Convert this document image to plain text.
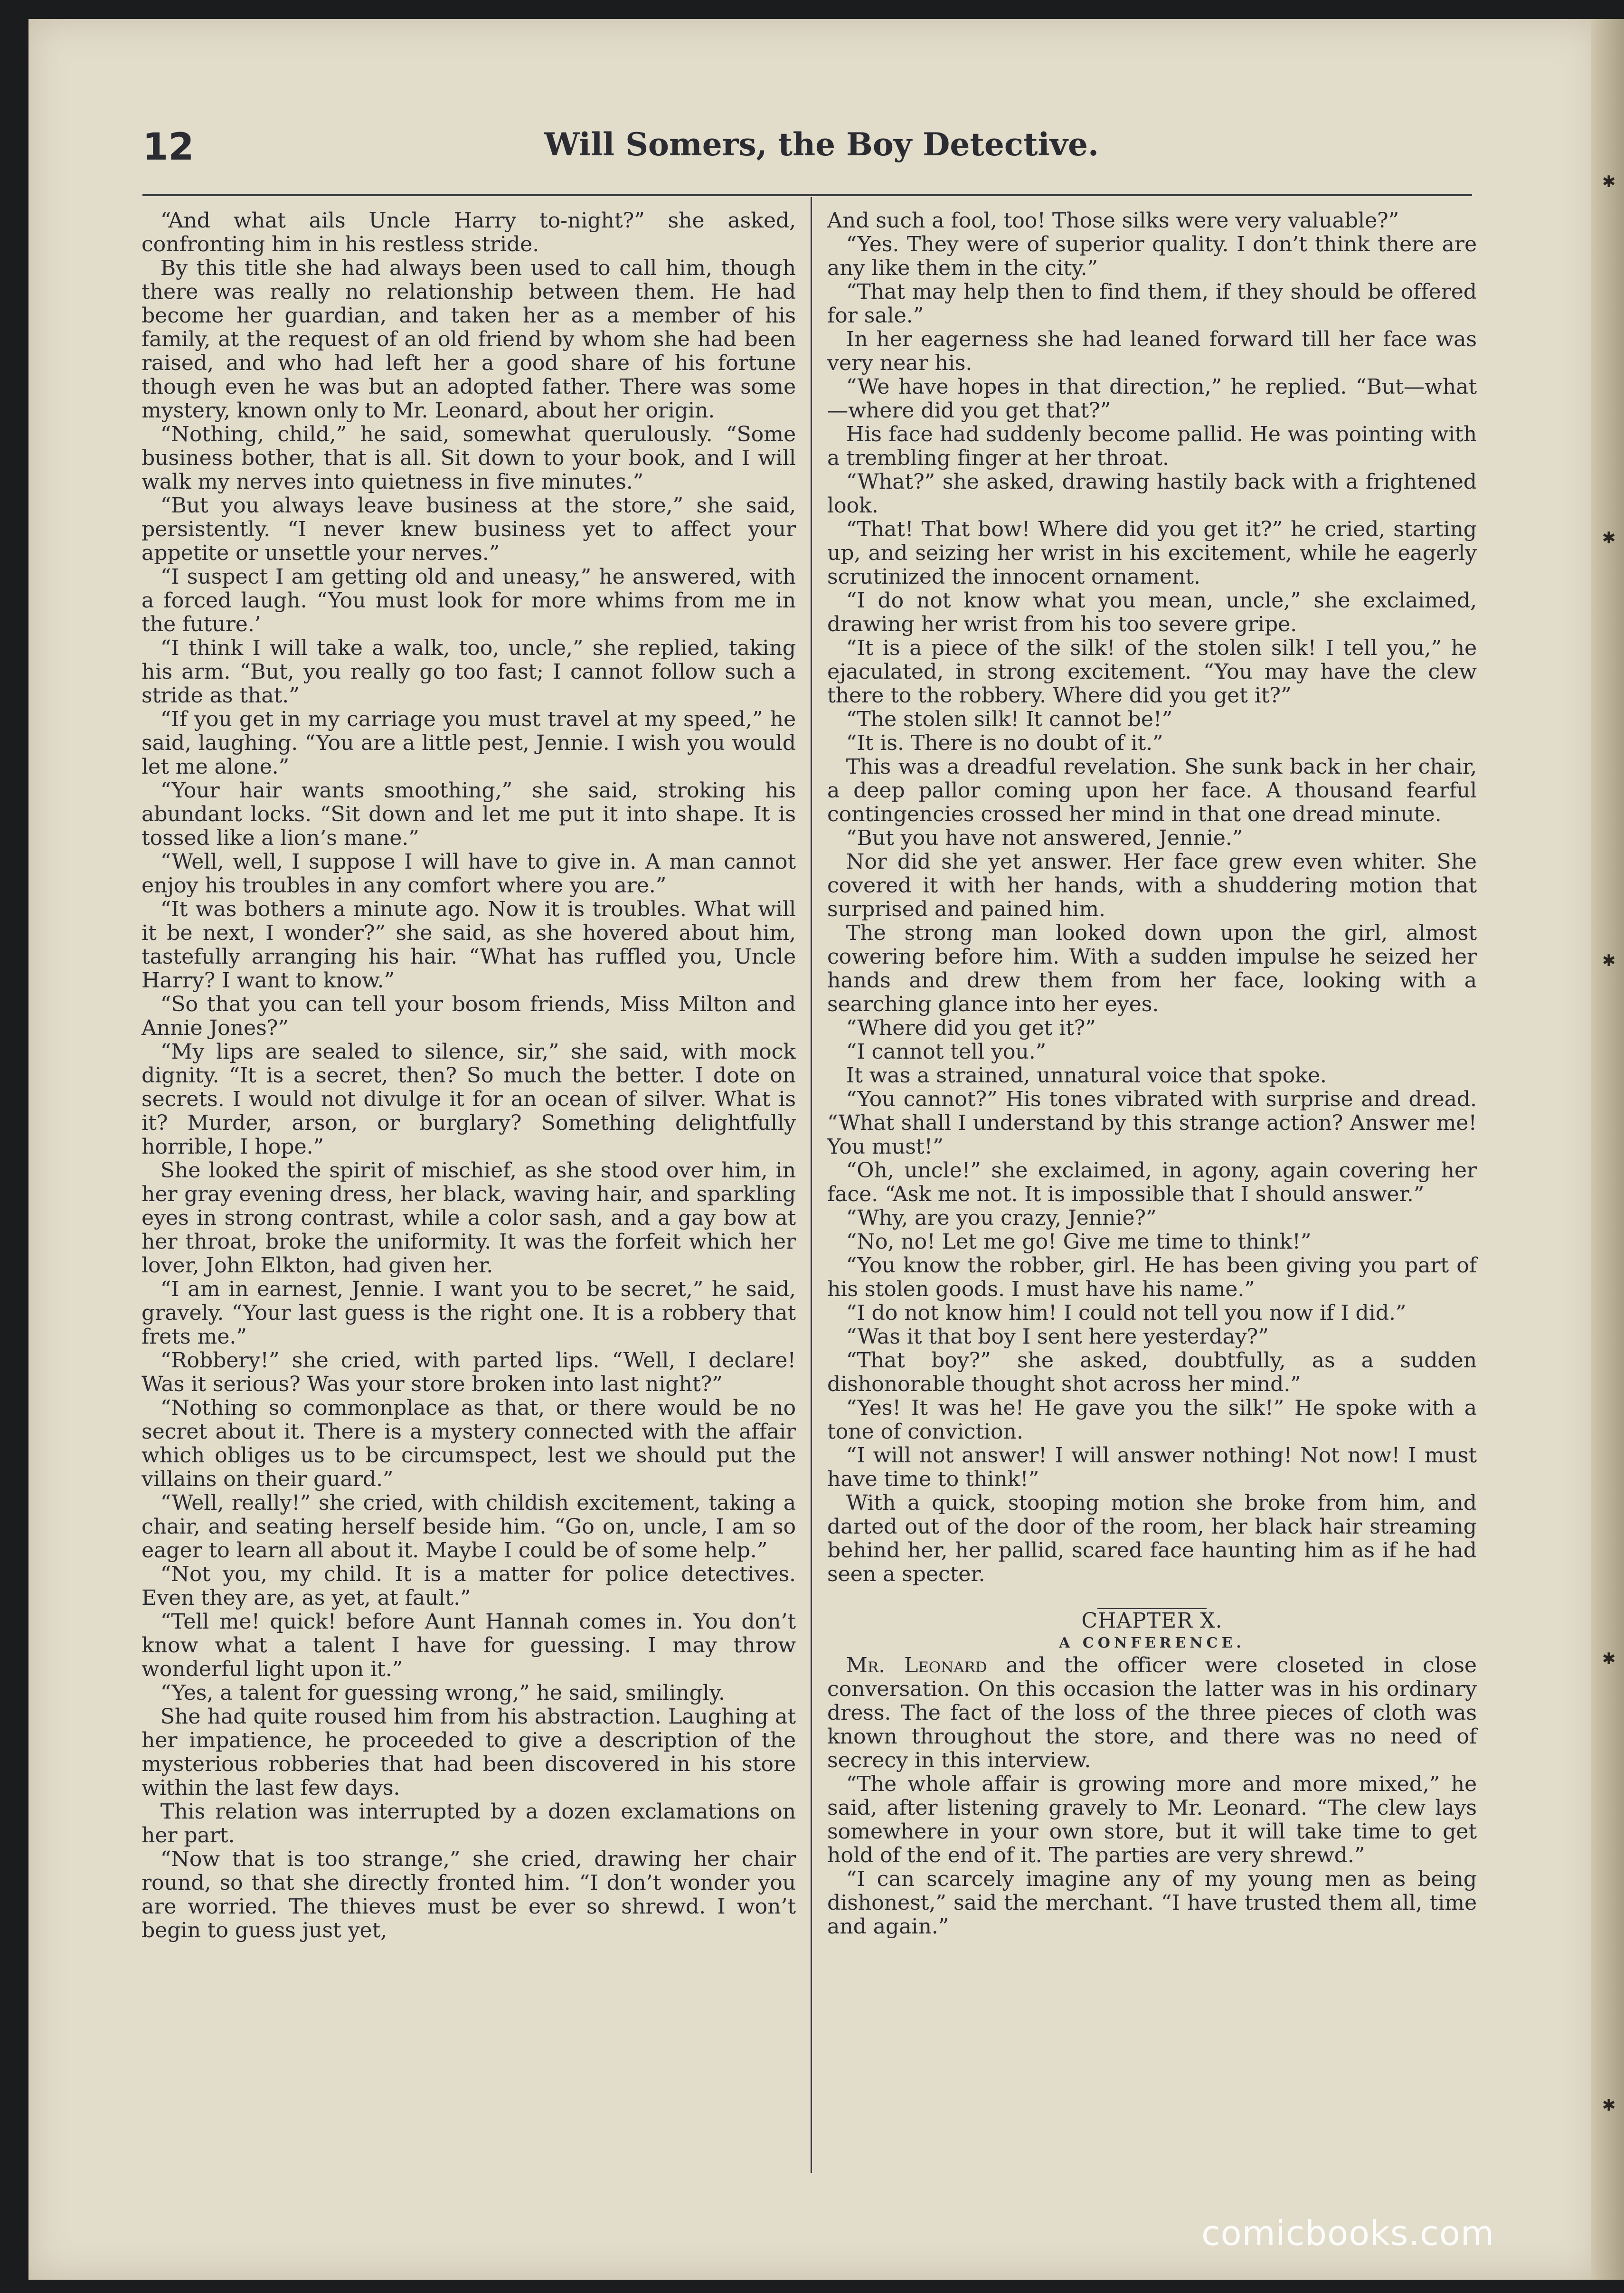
✱
✱
✱
✱
✱
12	Will Somers, the Boy Detective.

“And what ails Uncle Harry to-night?” she asked, confronting him in his restless stride.

By this title she had always been used to call him, though there was really no relationship between them. He had become her guardian, and taken her as a member of his family, at the request of an old friend by whom she had been raised, and who had left her a good share of his fortune though even he was but an adopted father. There was some mystery, known only to Mr. Leonard, about her origin.

“Nothing, child,” he said, somewhat querulously. “Some business bother, that is all. Sit down to your book, and I will walk my nerves into quietness in five minutes.”

“But you always leave business at the store,” she said, persistently. “I never knew business yet to affect your appetite or unsettle your nerves.”

“I suspect I am getting old and uneasy,” he answered, with a forced laugh. “You must look for more whims from me in the future.’

“I think I will take a walk, too, uncle,” she replied, taking his arm. “But, you really go too fast; I cannot follow such a stride as that.”

“If you get in my carriage you must travel at my speed,” he said, laughing. “You are a little pest, Jennie. I wish you would let me alone.”

“Your hair wants smoothing,” she said, stroking his abundant locks. “Sit down and let me put it into shape. It is tossed like a lion’s mane.”

“Well, well, I suppose I will have to give in. A man cannot enjoy his troubles in any comfort where you are.”

“It was bothers a minute ago. Now it is troubles. What will it be next, I wonder?” she said, as she hovered about him, tastefully arranging his hair. “What has ruffled you, Uncle Harry? I want to know.”

“So that you can tell your bosom friends, Miss Milton and Annie Jones?”

“My lips are sealed to silence, sir,” she said, with mock dignity. “It is a secret, then? So much the better. I dote on secrets. I would not divulge it for an ocean of silver. What is it? Murder, arson, or burglary? Something delightfully horrible, I hope.”

She looked the spirit of mischief, as she stood over him, in her gray evening dress, her black, waving hair, and sparkling eyes in strong contrast, while a color sash, and a gay bow at her throat, broke the uniformity. It was the forfeit which her lover, John Elkton, had given her.

“I am in earnest, Jennie. I want you to be secret,” he said, gravely. “Your last guess is the right one. It is a robbery that frets me.”

“Robbery!” she cried, with parted lips. “Well, I declare! Was it serious? Was your store broken into last night?”

“Nothing so commonplace as that, or there would be no secret about it. There is a mystery connected with the affair which obliges us to be circumspect, lest we should put the villains on their guard.”

“Well, really!” she cried, with childish excitement, taking a chair, and seating herself beside him. “Go on, uncle, I am so eager to learn all about it. Maybe I could be of some help.”

“Not you, my child. It is a matter for police detectives. Even they are, as yet, at fault.”

“Tell me! quick! before Aunt Hannah comes in. You don’t know what a talent I have for guessing. I may throw wonderful light upon it.”

“Yes, a talent for guessing wrong,” he said, smilingly.

She had quite roused him from his abstraction. Laughing at her impatience, he proceeded to give a description of the mysterious robberies that had been discovered in his store within the last few days.

This relation was interrupted by a dozen exclamations on her part.

“Now that is too strange,” she cried, drawing her chair round, so that she directly fronted him. “I don’t wonder you are worried. The thieves must be ever so shrewd. I won’t begin to guess just yet,

And such a fool, too! Those silks were very valuable?”

“Yes. They were of superior quality. I don’t think there are any like them in the city.”

“That may help then to find them, if they should be offered for sale.”

In her eagerness she had leaned forward till her face was very near his.

“We have hopes in that direction,” he replied. “But—what—where did you get that?”

His face had suddenly become pallid. He was pointing with a trembling finger at her throat.

“What?” she asked, drawing hastily back with a frightened look.

“That! That bow! Where did you get it?” he cried, starting up, and seizing her wrist in his excitement, while he eagerly scrutinized the innocent ornament.

“I do not know what you mean, uncle,” she exclaimed, drawing her wrist from his too severe gripe.

“It is a piece of the silk! of the stolen silk! I tell you,” he ejaculated, in strong excitement. “You may have the clew there to the robbery. Where did you get it?”

“The stolen silk! It cannot be!”

“It is. There is no doubt of it.”

This was a dreadful revelation. She sunk back in her chair, a deep pallor coming upon her face. A thousand fearful contingencies crossed her mind in that one dread minute.

“But you have not answered, Jennie.”

Nor did she yet answer. Her face grew even whiter. She covered it with her hands, with a shuddering motion that surprised and pained him.

The strong man looked down upon the girl, almost cowering before him. With a sudden impulse he seized her hands and drew them from her face, looking with a searching glance into her eyes.

“Where did you get it?”

“I cannot tell you.”

It was a strained, unnatural voice that spoke.

“You cannot?” His tones vibrated with surprise and dread. “What shall I understand by this strange action? Answer me! You must!”

“Oh, uncle!” she exclaimed, in agony, again covering her face. “Ask me not. It is impossible that I should answer.”

“Why, are you crazy, Jennie?”

“No, no! Let me go! Give me time to think!”

“You know the robber, girl. He has been giving you part of his stolen goods. I must have his name.”

“I do not know him! I could not tell you now if I did.”

“Was it that boy I sent here yesterday?”

“That boy?” she asked, doubtfully, as a sudden dishonorable thought shot across her mind.”

“Yes! It was he! He gave you the silk!” He spoke with a tone of conviction.

“I will not answer! I will answer nothing! Not now! I must have time to think!”

With a quick, stooping motion she broke from him, and darted out of the door of the room, her black hair streaming behind her, her pallid, scared face haunting him as if he had seen a specter.

CHAPTER X.
A CONFERENCE.

Mr. Leonard and the officer were closeted in close conversation. On this occasion the latter was in his ordinary dress. The fact of the loss of the three pieces of cloth was known throughout the store, and there was no need of secrecy in this interview.

“The whole affair is growing more and more mixed,” he said, after listening gravely to Mr. Leonard. “The clew lays somewhere in your own store, but it will take time to get hold of the end of it. The parties are very shrewd.”

“I can scarcely imagine any of my young men as being dishonest,” said the merchant. “I have trusted them all, time and again.”

comicbooks.com
